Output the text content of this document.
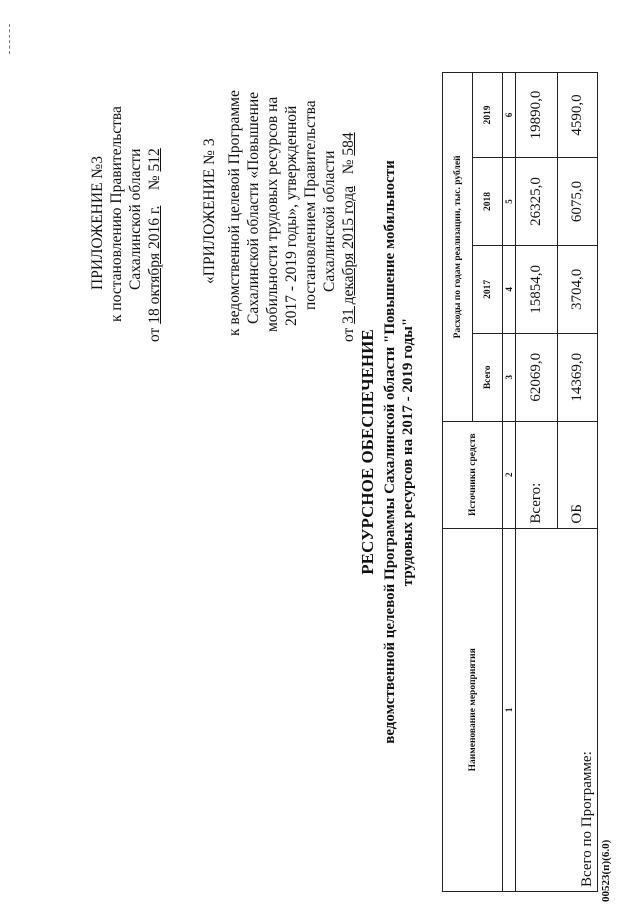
ПРИЛОЖЕНИЕ №3 к постановлению Правительства Сахалинской области
от 18 октября 2016 г.    № 512 «ПРИЛОЖЕНИЕ № 3 к ведомственной целевой Программе Сахалинской области «Повышение мобильности трудовых ресурсов на 2017 - 2019 годы», утвержденной постановлением Правительства Сахалинской области
от 31 декабря 2015 года   № 584
РЕСУРСНОЕ ОБЕСПЕЧЕНИЕ ведомственной целевой Программы Сахалинской области "Повышение мобильности трудовых ресурсов на 2017 - 2019 годы"
Наименование мероприятия	Источники средств	Расходы по годам реализации, тыс. рублей			
		Всего	2017	2018	2019
1	2	3	4	5	6
Всего по Программе:	Всего:	62069,0	15854,0	26325,0	19890,0
	ОБ	14369,0	3704,0	6075,0	4590,0
00523(п)(6.0)
